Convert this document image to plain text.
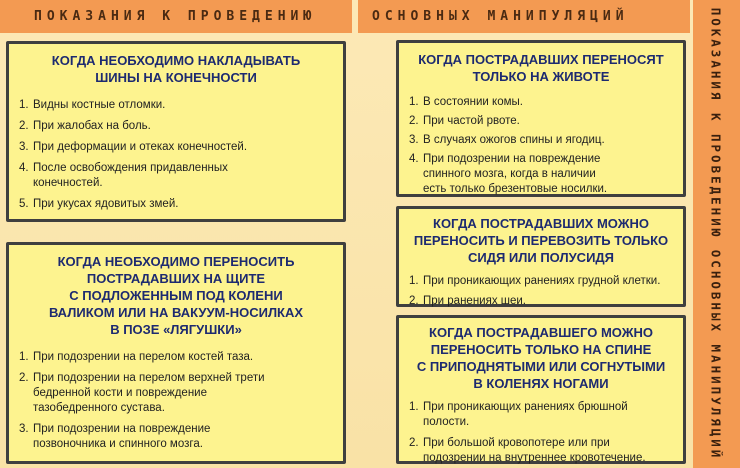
ПОКАЗАНИЯ К ПРОВЕДЕНИЮ	ОСНОВНЫХ МАНИПУЛЯЦИЙ	ПОКАЗАНИЯ К ПРОВЕДЕНИЮ ОСНОВНЫХ МАНИПУЛЯЦИЙ
КОГДА НЕОБХОДИМО НАКЛАДЫВАТЬ
ШИНЫ НА КОНЕЧНОСТИ
1. Видны костные отломки.
2. При жалобах на боль.
3. При деформации и отеках конечностей.
4. После освобождения придавленных
конечностей.
5. При укусах ядовитых змей.
КОГДА НЕОБХОДИМО ПЕРЕНОСИТЬ
ПОСТРАДАВШИХ НА ЩИТЕ
С ПОДЛОЖЕННЫМ ПОД КОЛЕНИ
ВАЛИКОМ ИЛИ НА ВАКУУМ-НОСИЛКАХ
В ПОЗЕ «ЛЯГУШКИ»
1. При подозрении на перелом костей таза.
2. При подозрении на перелом верхней трети
бедренной кости и повреждение
тазобедренного сустава.
3. При подозрении на повреждение
позвоночника и спинного мозга.
КОГДА ПОСТРАДАВШИХ ПЕРЕНОСЯТ
ТОЛЬКО НА ЖИВОТЕ
1. В состоянии комы.
2. При частой рвоте.
3. В случаях ожогов спины и ягодиц.
4. При подозрении на повреждение
спинного мозга, когда в наличии
есть только брезентовые носилки.
КОГДА ПОСТРАДАВШИХ МОЖНО
ПЕРЕНОСИТЬ И ПЕРЕВОЗИТЬ ТОЛЬКО
СИДЯ ИЛИ ПОЛУСИДЯ
1. При проникающих ранениях грудной клетки.
2. При ранениях шеи.
КОГДА ПОСТРАДАВШЕГО МОЖНО
ПЕРЕНОСИТЬ ТОЛЬКО НА СПИНЕ
С ПРИПОДНЯТЫМИ ИЛИ СОГНУТЫМИ
В КОЛЕНЯХ НОГАМИ
1. При проникающих ранениях брюшной
полости.
2. При большой кровопотере или при
подозрении на внутреннее кровотечение.
